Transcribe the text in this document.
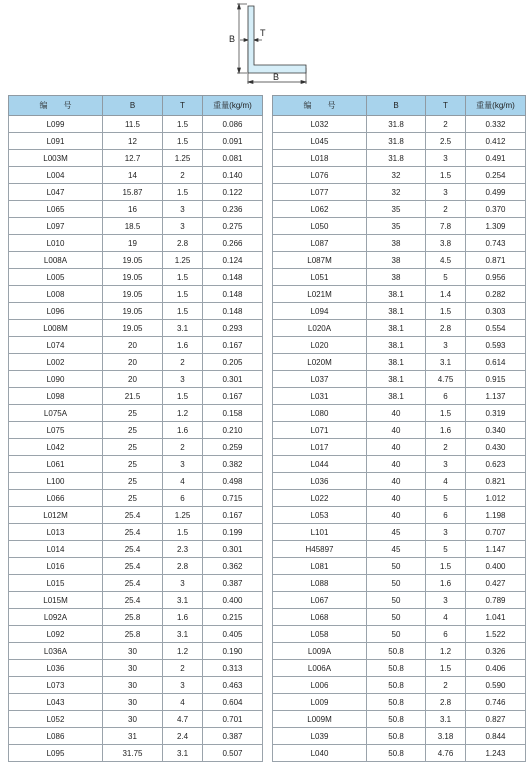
B
T
B
编　　号	B	T	重量(kg/m)
L099	11.5	1.5	0.086
L091	12	1.5	0.091
L003M	12.7	1.25	0.081
L004	14	2	0.140
L047	15.87	1.5	0.122
L065	16	3	0.236
L097	18.5	3	0.275
L010	19	2.8	0.266
L008A	19.05	1.25	0.124
L005	19.05	1.5	0.148
L008	19.05	1.5	0.148
L096	19.05	1.5	0.148
L008M	19.05	3.1	0.293
L074	20	1.6	0.167
L002	20	2	0.205
L090	20	3	0.301
L098	21.5	1.5	0.167
L075A	25	1.2	0.158
L075	25	1.6	0.210
L042	25	2	0.259
L061	25	3	0.382
L100	25	4	0.498
L066	25	6	0.715
L012M	25.4	1.25	0.167
L013	25.4	1.5	0.199
L014	25.4	2.3	0.301
L016	25.4	2.8	0.362
L015	25.4	3	0.387
L015M	25.4	3.1	0.400
L092A	25.8	1.6	0.215
L092	25.8	3.1	0.405
L036A	30	1.2	0.190
L036	30	2	0.313
L073	30	3	0.463
L043	30	4	0.604
L052	30	4.7	0.701
L086	31	2.4	0.387
L095	31.75	3.1	0.507
编　　号	B	T	重量(kg/m)
L032	31.8	2	0.332
L045	31.8	2.5	0.412
L018	31.8	3	0.491
L076	32	1.5	0.254
L077	32	3	0.499
L062	35	2	0.370
L050	35	7.8	1.309
L087	38	3.8	0.743
L087M	38	4.5	0.871
L051	38	5	0.956
L021M	38.1	1.4	0.282
L094	38.1	1.5	0.303
L020A	38.1	2.8	0.554
L020	38.1	3	0.593
L020M	38.1	3.1	0.614
L037	38.1	4.75	0.915
L031	38.1	6	1.137
L080	40	1.5	0.319
L071	40	1.6	0.340
L017	40	2	0.430
L044	40	3	0.623
L036	40	4	0.821
L022	40	5	1.012
L053	40	6	1.198
L101	45	3	0.707
H45897	45	5	1.147
L081	50	1.5	0.400
L088	50	1.6	0.427
L067	50	3	0.789
L068	50	4	1.041
L058	50	6	1.522
L009A	50.8	1.2	0.326
L006A	50.8	1.5	0.406
L006	50.8	2	0.590
L009	50.8	2.8	0.746
L009M	50.8	3.1	0.827
L039	50.8	3.18	0.844
L040	50.8	4.76	1.243
